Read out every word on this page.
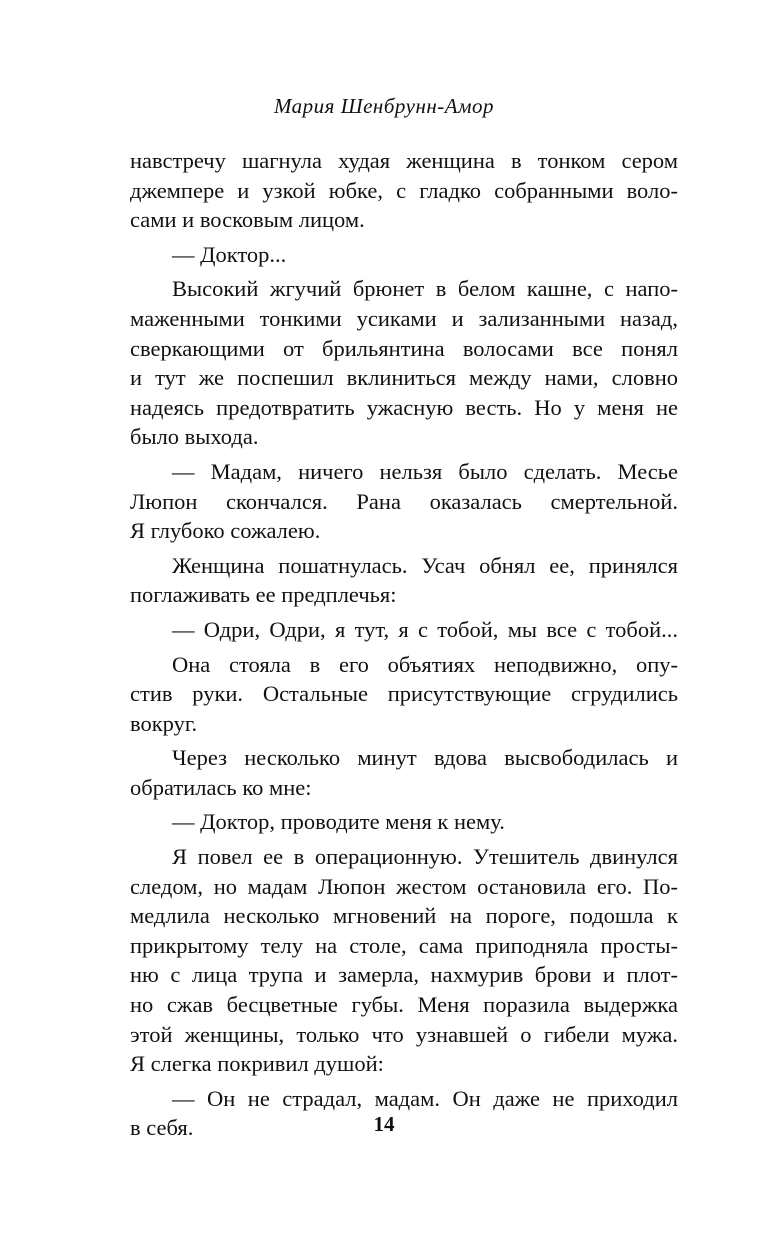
Мария Шенбрунн-Амор
навстречу шагнула худая женщина в тонком сером
джемпере и узкой юбке, с гладко собранными воло-
сами и восковым лицом.
— Доктор...
Высокий жгучий брюнет в белом кашне, с напо-
маженными тонкими усиками и зализанными назад,
сверкающими от брильянтина волосами все понял
и тут же поспешил вклиниться между нами, словно
надеясь предотвратить ужасную весть. Но у меня не
было выхода.
— Мадам, ничего нельзя было сделать. Месье
Люпон скончался. Рана оказалась смертельной.
Я глубоко сожалею.
Женщина пошатнулась. Усач обнял ее, принялся
поглаживать ее предплечья:
— Одри, Одри, я тут, я с тобой, мы все с тобой...
Она стояла в его объятиях неподвижно, опу-
стив руки. Остальные присутствующие сгрудились
вокруг.
Через несколько минут вдова высвободилась и
обратилась ко мне:
— Доктор, проводите меня к нему.
Я повел ее в операционную. Утешитель двинулся
следом, но мадам Люпон жестом остановила его. По-
медлила несколько мгновений на пороге, подошла к
прикрытому телу на столе, сама приподняла просты-
ню с лица трупа и замерла, нахмурив брови и плот-
но сжав бесцветные губы. Меня поразила выдержка
этой женщины, только что узнавшей о гибели мужа.
Я слегка покривил душой:
— Он не страдал, мадам. Он даже не приходил
в себя.	14
